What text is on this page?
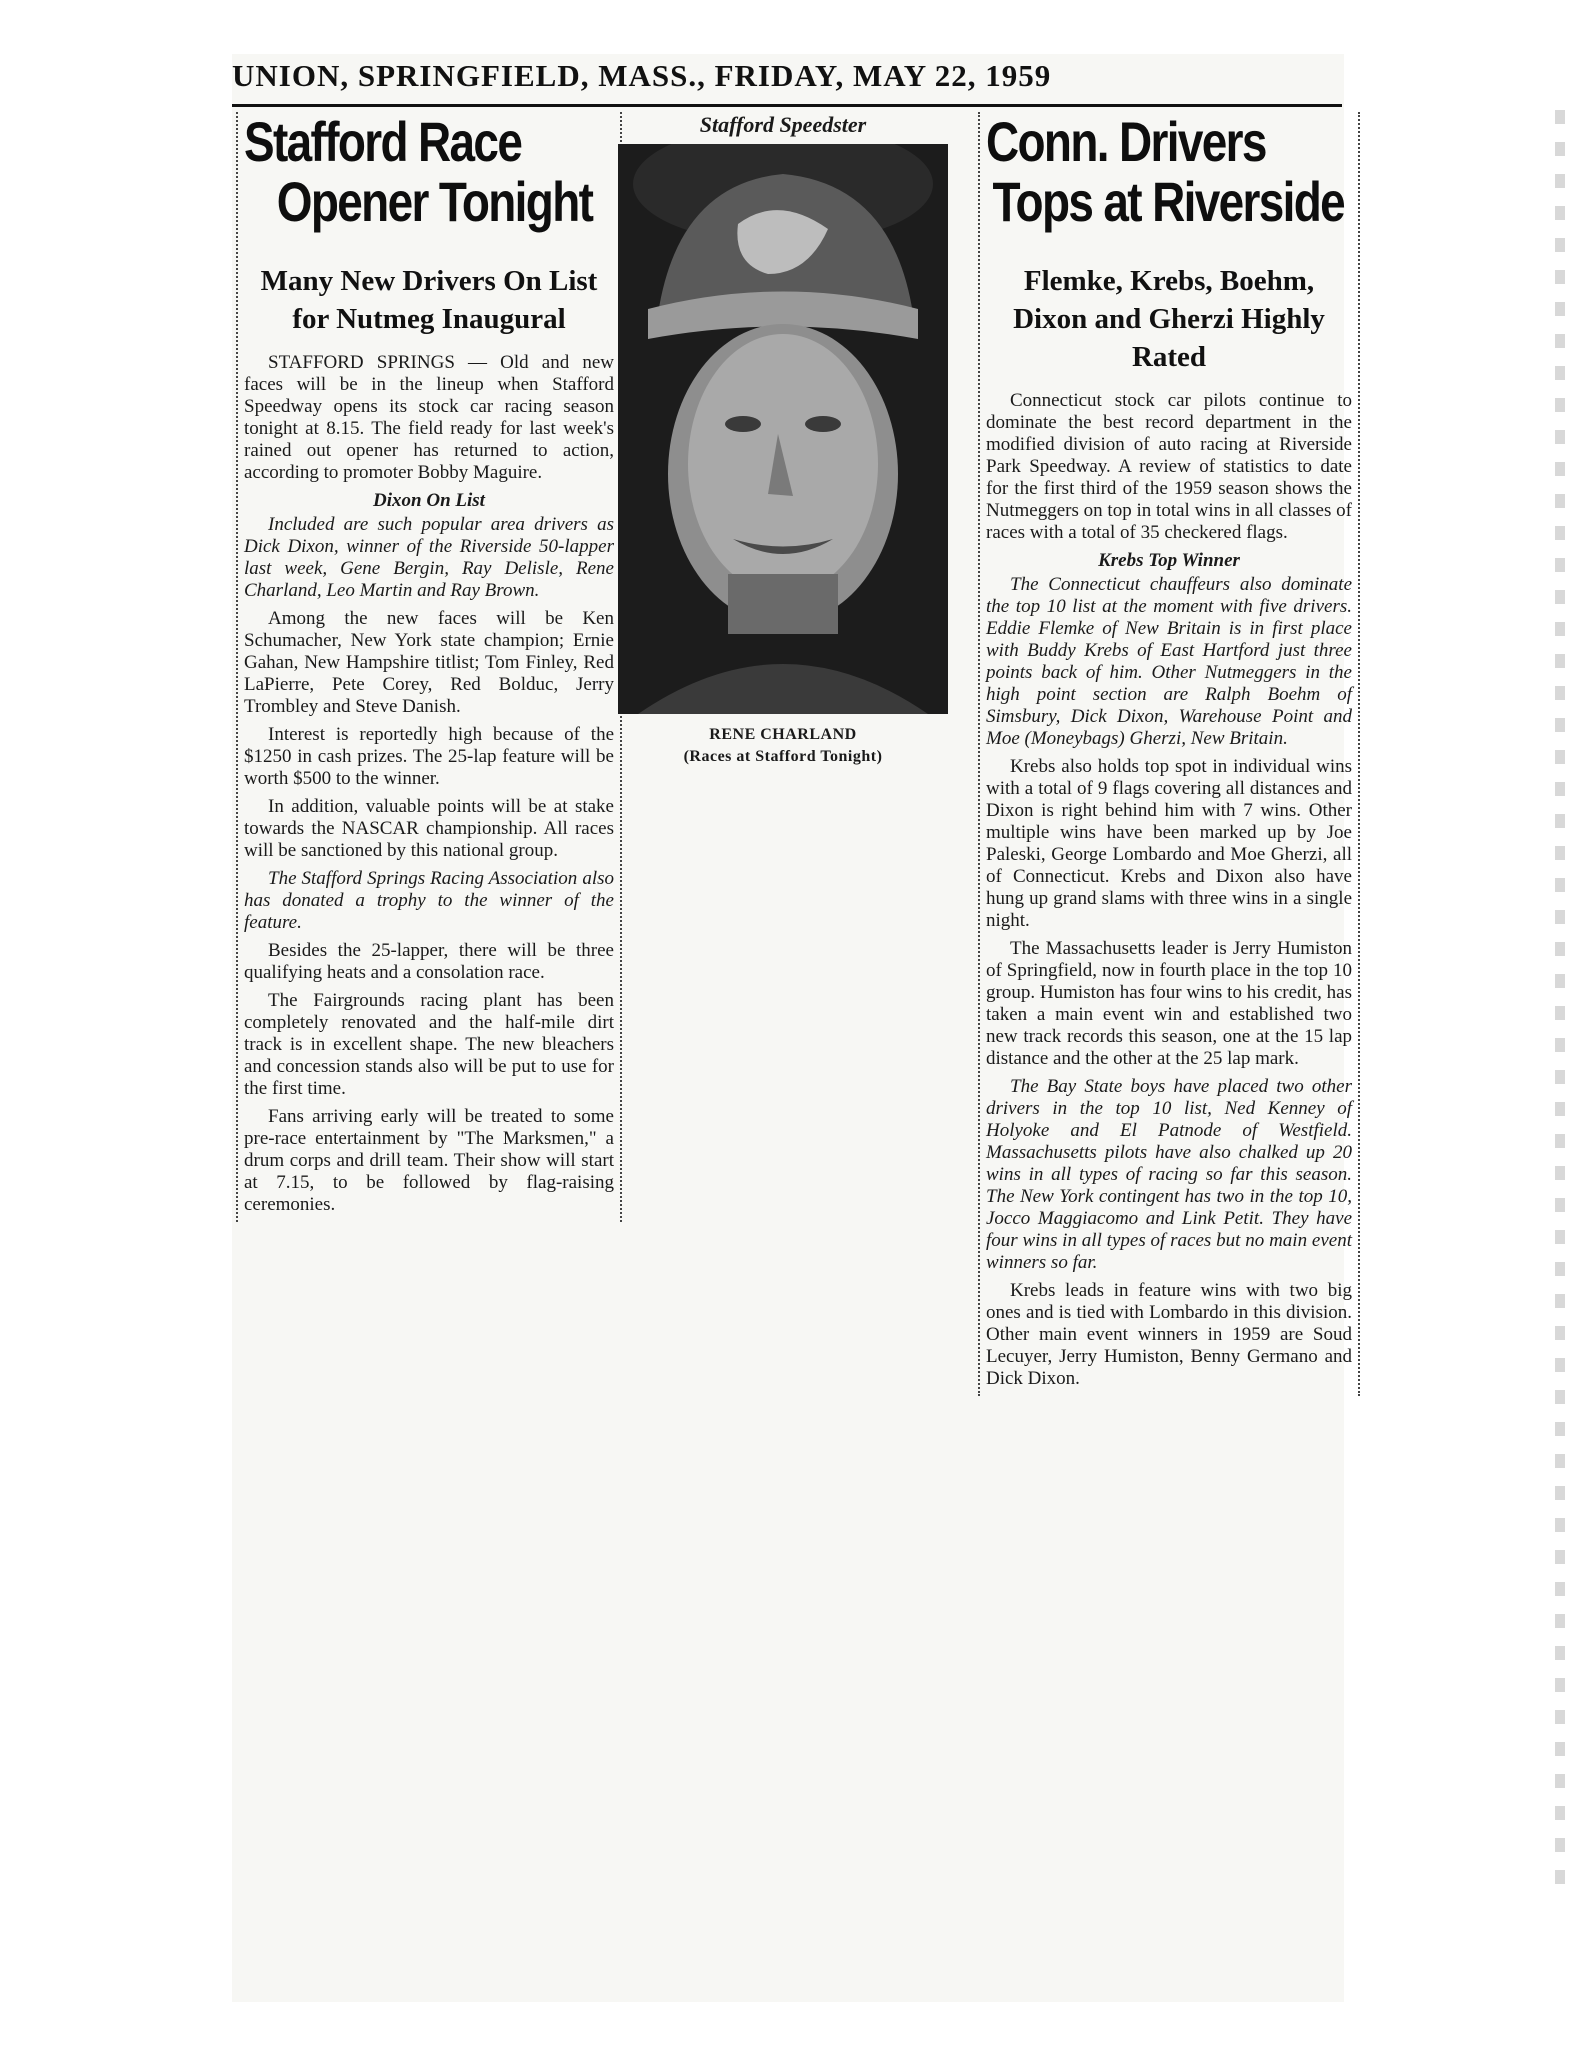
UNION, SPRINGFIELD, MASS., FRIDAY, MAY 22, 1959
Stafford Race
Opener Tonight
Many New Drivers On List for Nutmeg Inaugural

STAFFORD SPRINGS — Old and new faces will be in the lineup when Stafford Speedway opens its stock car racing season tonight at 8.15. The field ready for last week's rained out opener has returned to action, according to promoter Bobby Maguire.

Dixon On List

Included are such popular area drivers as Dick Dixon, winner of the Riverside 50-lapper last week, Gene Bergin, Ray Delisle, Rene Charland, Leo Martin and Ray Brown.

Among the new faces will be Ken Schumacher, New York state champion; Ernie Gahan, New Hampshire titlist; Tom Finley, Red LaPierre, Pete Corey, Red Bolduc, Jerry Trombley and Steve Danish.

Interest is reportedly high because of the $1250 in cash prizes. The 25-lap feature will be worth $500 to the winner.

In addition, valuable points will be at stake towards the NASCAR championship. All races will be sanctioned by this national group.

The Stafford Springs Racing Association also has donated a trophy to the winner of the feature.

Besides the 25-lapper, there will be three qualifying heats and a consolation race.

The Fairgrounds racing plant has been completely renovated and the half-mile dirt track is in excellent shape. The new bleachers and concession stands also will be put to use for the first time.

Fans arriving early will be treated to some pre-race entertainment by "The Marksmen," a drum corps and drill team. Their show will start at 7.15, to be followed by flag-raising ceremonies.

Stafford Speedster
RENE CHARLAND
(Races at Stafford Tonight)
Conn. Drivers
Tops at Riverside
Flemke, Krebs, Boehm, Dixon and Gherzi Highly Rated

Connecticut stock car pilots continue to dominate the best record department in the modified division of auto racing at Riverside Park Speedway. A review of statistics to date for the first third of the 1959 season shows the Nutmeggers on top in total wins in all classes of races with a total of 35 checkered flags.

Krebs Top Winner

The Connecticut chauffeurs also dominate the top 10 list at the moment with five drivers. Eddie Flemke of New Britain is in first place with Buddy Krebs of East Hartford just three points back of him. Other Nutmeggers in the high point section are Ralph Boehm of Simsbury, Dick Dixon, Warehouse Point and Moe (Moneybags) Gherzi, New Britain.

Krebs also holds top spot in individual wins with a total of 9 flags covering all distances and Dixon is right behind him with 7 wins. Other multiple wins have been marked up by Joe Paleski, George Lombardo and Moe Gherzi, all of Connecticut. Krebs and Dixon also have hung up grand slams with three wins in a single night.

The Massachusetts leader is Jerry Humiston of Springfield, now in fourth place in the top 10 group. Humiston has four wins to his credit, has taken a main event win and established two new track records this season, one at the 15 lap distance and the other at the 25 lap mark.

The Bay State boys have placed two other drivers in the top 10 list, Ned Kenney of Holyoke and El Patnode of Westfield. Massachusetts pilots have also chalked up 20 wins in all types of racing so far this season. The New York contingent has two in the top 10, Jocco Maggiacomo and Link Petit. They have four wins in all types of races but no main event winners so far.

Krebs leads in feature wins with two big ones and is tied with Lombardo in this division. Other main event winners in 1959 are Soud Lecuyer, Jerry Humiston, Benny Germano and Dick Dixon.
